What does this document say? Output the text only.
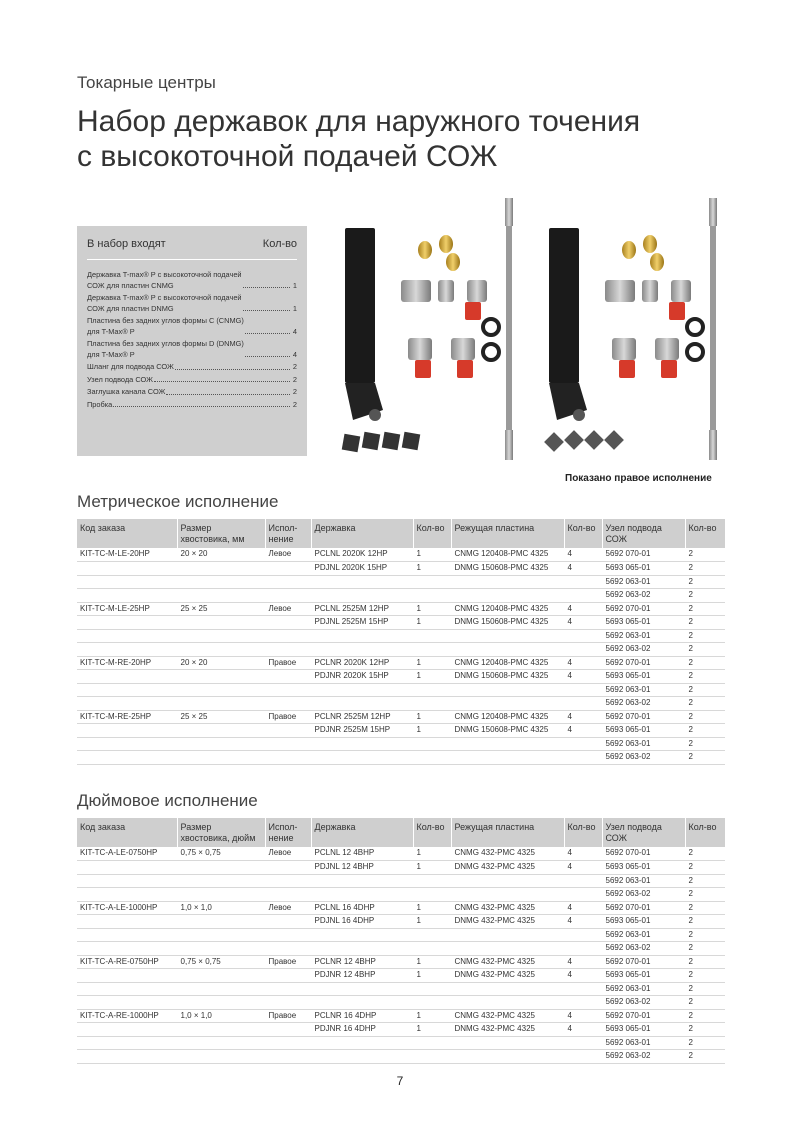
Токарные центры
Набор державок для наружного точения
с высокоточной подачей СОЖ
В набор входят	Кол-во
Державка T-max® P с высокоточной подачей
СОЖ для пластин CNMG	1
Державка T-max® P с высокоточной подачей
СОЖ для пластин DNMG	1
Пластина без задних углов формы C (CNMG)
для T-Max® P	4
Пластина без задних углов формы D (DNMG)
для T-Max® P	4
Шланг для подвода СОЖ	2
Узел подвода СОЖ	2
Заглушка канала СОЖ	2
Пробка	2
Показано правое исполнение
Метрическое исполнение
Код заказа	Размер
хвостовика, мм	Испол-
нение	Державка	Кол-во	Режущая пластина	Кол-во	Узел подвода
СОЖ	Кол-во
KIT-TC-M-LE-20HP	20 × 20	Левое	PCLNL 2020K 12HP	1	CNMG 120408-PMC 4325	4	5692 070-01	2
			PDJNL 2020K 15HP	1	DNMG 150608-PMC 4325	4	5693 065-01	2
							5692 063-01	2
							5692 063-02	2
KIT-TC-M-LE-25HP	25 × 25	Левое	PCLNL 2525M 12HP	1	CNMG 120408-PMC 4325	4	5692 070-01	2
			PDJNL 2525M 15HP	1	DNMG 150608-PMC 4325	4	5693 065-01	2
							5692 063-01	2
							5692 063-02	2
KIT-TC-M-RE-20HP	20 × 20	Правое	PCLNR 2020K 12HP	1	CNMG 120408-PMC 4325	4	5692 070-01	2
			PDJNR 2020K 15HP	1	DNMG 150608-PMC 4325	4	5693 065-01	2
							5692 063-01	2
							5692 063-02	2
KIT-TC-M-RE-25HP	25 × 25	Правое	PCLNR 2525M 12HP	1	CNMG 120408-PMC 4325	4	5692 070-01	2
			PDJNR 2525M 15HP	1	DNMG 150608-PMC 4325	4	5693 065-01	2
							5692 063-01	2
							5692 063-02	2
Дюймовое исполнение
Код заказа	Размер
хвостовика, дюйм	Испол-
нение	Державка	Кол-во	Режущая пластина	Кол-во	Узел подвода
СОЖ	Кол-во
KIT-TC-A-LE-0750HP	0,75 × 0,75	Левое	PCLNL 12 4BHP	1	CNMG 432-PMC 4325	4	5692 070-01	2
			PDJNL 12 4BHP	1	DNMG 432-PMC 4325	4	5693 065-01	2
							5692 063-01	2
							5692 063-02	2
KIT-TC-A-LE-1000HP	1,0 × 1,0	Левое	PCLNL 16 4DHP	1	CNMG 432-PMC 4325	4	5692 070-01	2
			PDJNL 16 4DHP	1	DNMG 432-PMC 4325	4	5693 065-01	2
							5692 063-01	2
							5692 063-02	2
KIT-TC-A-RE-0750HP	0,75 × 0,75	Правое	PCLNR 12 4BHP	1	CNMG 432-PMC 4325	4	5692 070-01	2
			PDJNR 12 4BHP	1	DNMG 432-PMC 4325	4	5693 065-01	2
							5692 063-01	2
							5692 063-02	2
KIT-TC-A-RE-1000HP	1,0 × 1,0	Правое	PCLNR 16 4DHP	1	CNMG 432-PMC 4325	4	5692 070-01	2
			PDJNR 16 4DHP	1	DNMG 432-PMC 4325	4	5693 065-01	2
							5692 063-01	2
							5692 063-02	2
7
